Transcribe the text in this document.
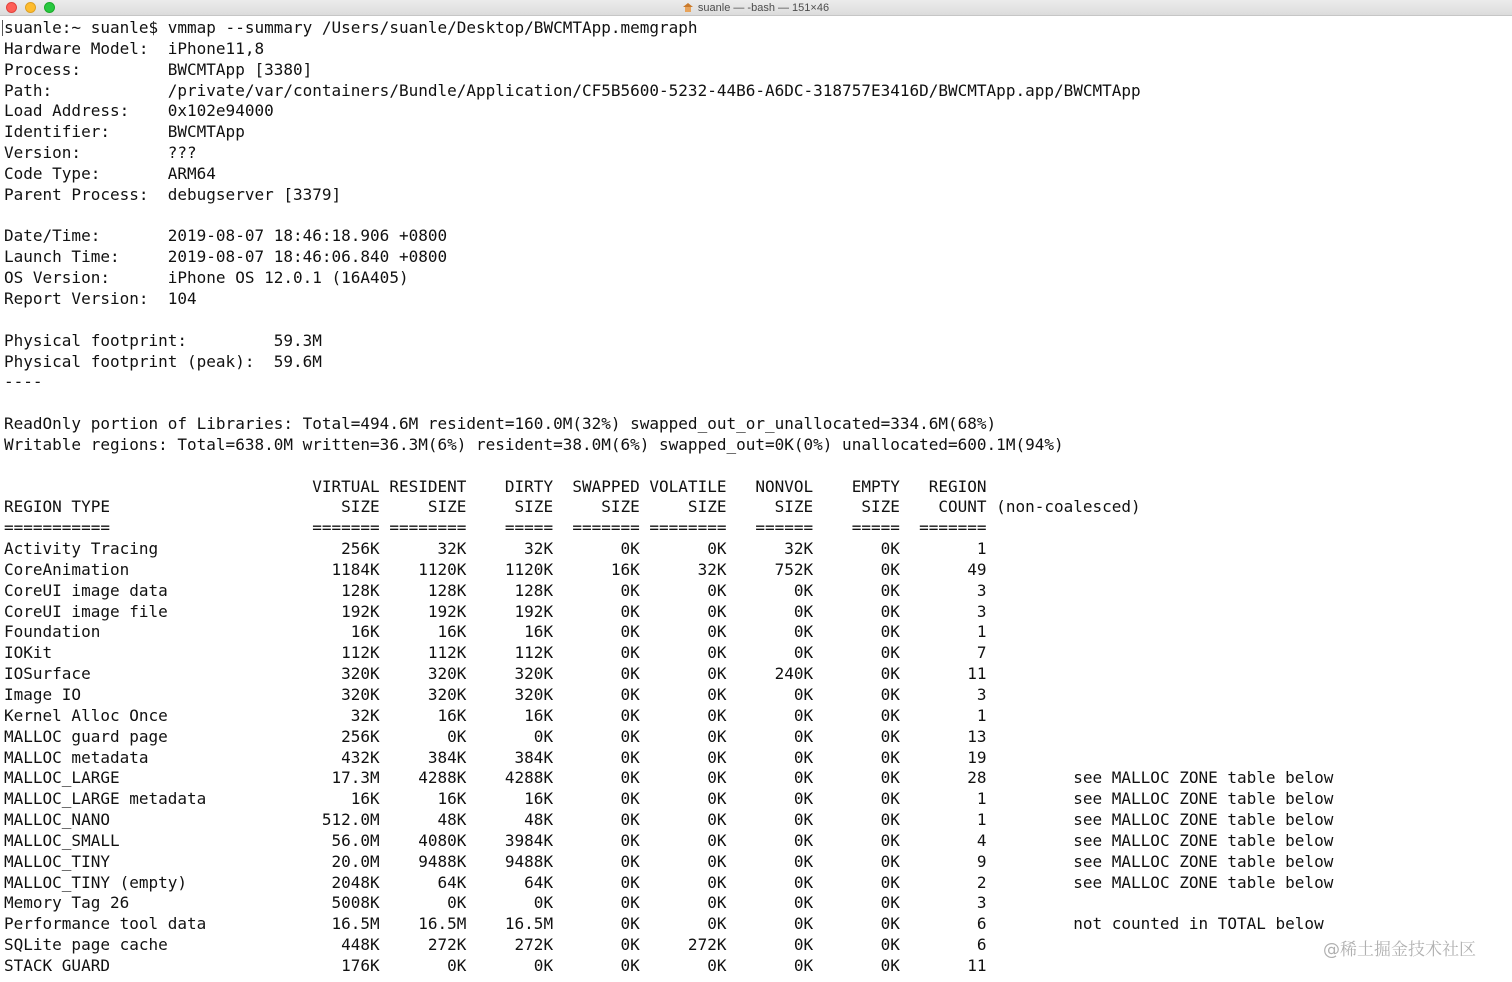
suanle — -bash — 151×46
suanle:~ suanle$ vmmap --summary /Users/suanle/Desktop/BWCMTApp.memgraph
Hardware Model:  iPhone11,8
Process:         BWCMTApp [3380]
Path:            /private/var/containers/Bundle/Application/CF5B5600-5232-44B6-A6DC-318757E3416D/BWCMTApp.app/BWCMTApp
Load Address:    0x102e94000
Identifier:      BWCMTApp
Version:         ???
Code Type:       ARM64
Parent Process:  debugserver [3379]
Date/Time:       2019-08-07 18:46:18.906 +0800
Launch Time:     2019-08-07 18:46:06.840 +0800
OS Version:      iPhone OS 12.0.1 (16A405)
Report Version:  104
Physical footprint:         59.3M
Physical footprint (peak):  59.6M
----
ReadOnly portion of Libraries: Total=494.6M resident=160.0M(32%) swapped_out_or_unallocated=334.6M(68%)
Writable regions: Total=638.0M written=36.3M(6%) resident=38.0M(6%) swapped_out=0K(0%) unallocated=600.1M(94%)
VIRTUAL RESIDENT    DIRTY  SWAPPED VOLATILE   NONVOL    EMPTY   REGION
REGION TYPE                        SIZE     SIZE     SIZE     SIZE     SIZE     SIZE     SIZE    COUNT (non-coalesced)
===========                     ======= ========    =====  ======= ========   ======    =====  =======
Activity Tracing                   256K      32K      32K       0K       0K      32K       0K        1
CoreAnimation                     1184K    1120K    1120K      16K      32K     752K       0K       49
CoreUI image data                  128K     128K     128K       0K       0K       0K       0K        3
CoreUI image file                  192K     192K     192K       0K       0K       0K       0K        3
Foundation                          16K      16K      16K       0K       0K       0K       0K        1
IOKit                              112K     112K     112K       0K       0K       0K       0K        7
IOSurface                          320K     320K     320K       0K       0K     240K       0K       11
Image IO                           320K     320K     320K       0K       0K       0K       0K        3
Kernel Alloc Once                   32K      16K      16K       0K       0K       0K       0K        1
MALLOC guard page                  256K       0K       0K       0K       0K       0K       0K       13
MALLOC metadata                    432K     384K     384K       0K       0K       0K       0K       19
MALLOC_LARGE                      17.3M    4288K    4288K       0K       0K       0K       0K       28         see MALLOC ZONE table below
MALLOC_LARGE metadata               16K      16K      16K       0K       0K       0K       0K        1         see MALLOC ZONE table below
MALLOC_NANO                      512.0M      48K      48K       0K       0K       0K       0K        1         see MALLOC ZONE table below
MALLOC_SMALL                      56.0M    4080K    3984K       0K       0K       0K       0K        4         see MALLOC ZONE table below
MALLOC_TINY                       20.0M    9488K    9488K       0K       0K       0K       0K        9         see MALLOC ZONE table below
MALLOC_TINY (empty)               2048K      64K      64K       0K       0K       0K       0K        2         see MALLOC ZONE table below
Memory Tag 26                     5008K       0K       0K       0K       0K       0K       0K        3
Performance tool data             16.5M    16.5M    16.5M       0K       0K       0K       0K        6         not counted in TOTAL below
SQLite page cache                  448K     272K     272K       0K     272K       0K       0K        6
STACK GUARD                        176K       0K       0K       0K       0K       0K       0K       11
@稀土掘金技术社区
